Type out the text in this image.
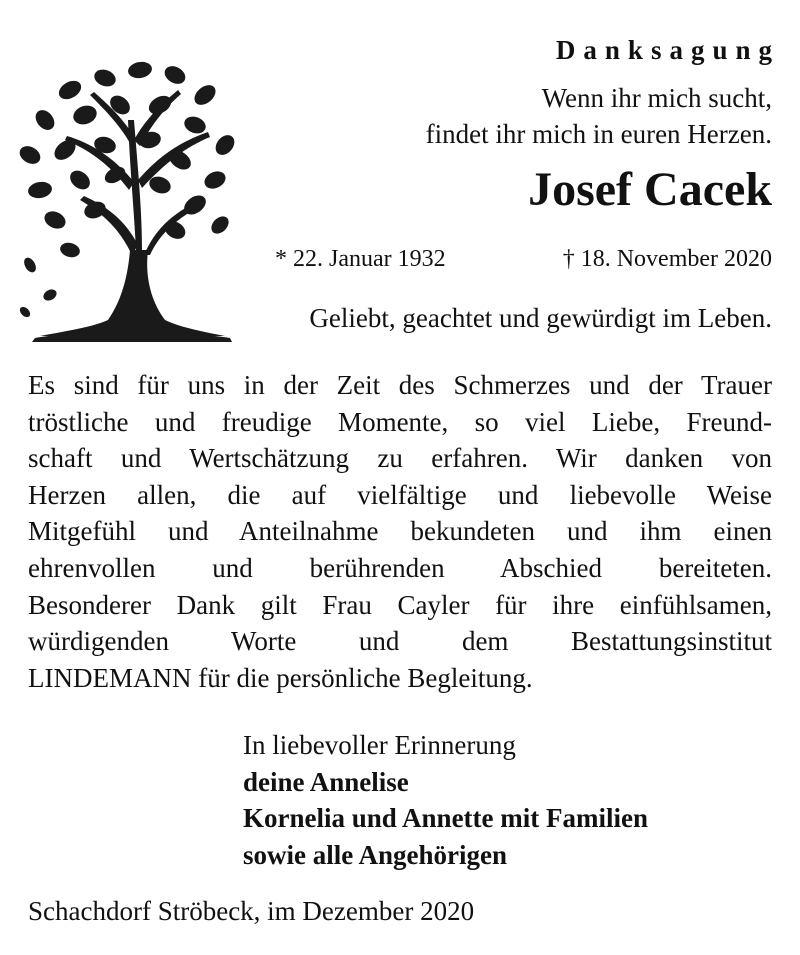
Danksagung
Wenn ihr mich sucht,
findet ihr mich in euren Herzen.
Josef Cacek
* 22. Januar 1932	† 18. November 2020
Geliebt, geachtet und gewürdigt im Leben.
Es sind für uns in der Zeit des Schmerzes und der Trauer
tröstliche und freudige Momente, so viel Liebe, Freund-
schaft und Wertschätzung zu erfahren. Wir danken von
Herzen allen, die auf vielfältige und liebevolle Weise
Mitgefühl und Anteilnahme bekundeten und ihm einen
ehrenvollen und berührenden Abschied bereiteten.
Besonderer Dank gilt Frau Cayler für ihre einfühlsamen,
würdigenden Worte und dem Bestattungsinstitut
LINDEMANN für die persönliche Begleitung.
In liebevoller Erinnerung
deine Annelise
Kornelia und Annette mit Familien
sowie alle Angehörigen
Schachdorf Ströbeck, im Dezember 2020
